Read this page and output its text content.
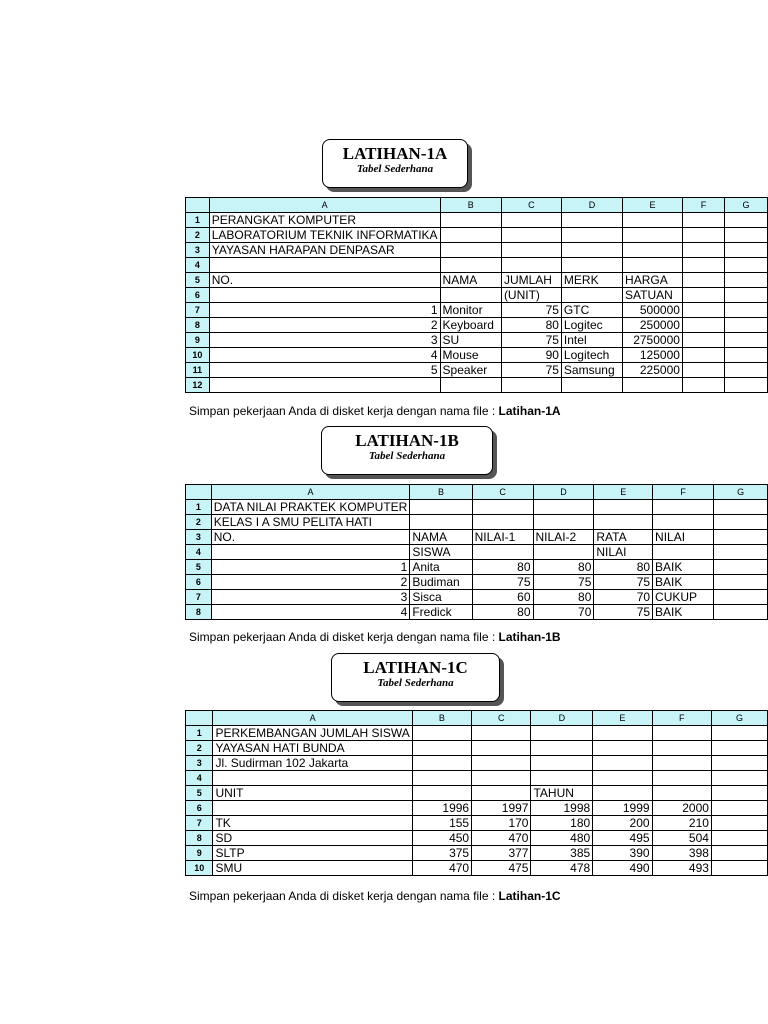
LATIHAN-1A
Tabel Sederhana
	A	B	C	D	E	F	G
1	PERANGKAT KOMPUTER						
2	LABORATORIUM TEKNIK INFORMATIKA						
3	YAYASAN HARAPAN DENPASAR						
4							
5	NO.	NAMA	JUMLAH	MERK	HARGA		
6			(UNIT)		SATUAN		
7	1	Monitor	75	GTC	500000		
8	2	Keyboard	80	Logitec	250000		
9	3	SU	75	Intel	2750000		
10	4	Mouse	90	Logitech	125000		
11	5	Speaker	75	Samsung	225000		
12							
Simpan pekerjaan Anda di disket kerja dengan nama file : Latihan-1A
LATIHAN-1B
Tabel Sederhana
	A	B	C	D	E	F	G
1	DATA NILAI PRAKTEK KOMPUTER						
2	KELAS I A SMU PELITA HATI						
3	NO.	NAMA	NILAI-1	NILAI-2	RATA	NILAI	
4		SISWA			NILAI		
5	1	Anita	80	80	80	BAIK	
6	2	Budiman	75	75	75	BAIK	
7	3	Sisca	60	80	70	CUKUP	
8	4	Fredick	80	70	75	BAIK	
Simpan pekerjaan Anda di disket kerja dengan nama file : Latihan-1B
LATIHAN-1C
Tabel Sederhana
	A	B	C	D	E	F	G
1	PERKEMBANGAN JUMLAH SISWA						
2	YAYASAN HATI BUNDA						
3	Jl. Sudirman 102 Jakarta						
4							
5	UNIT			TAHUN			
6		1996	1997	1998	1999	2000	
7	TK	155	170	180	200	210	
8	SD	450	470	480	495	504	
9	SLTP	375	377	385	390	398	
10	SMU	470	475	478	490	493	
Simpan pekerjaan Anda di disket kerja dengan nama file : Latihan-1C
